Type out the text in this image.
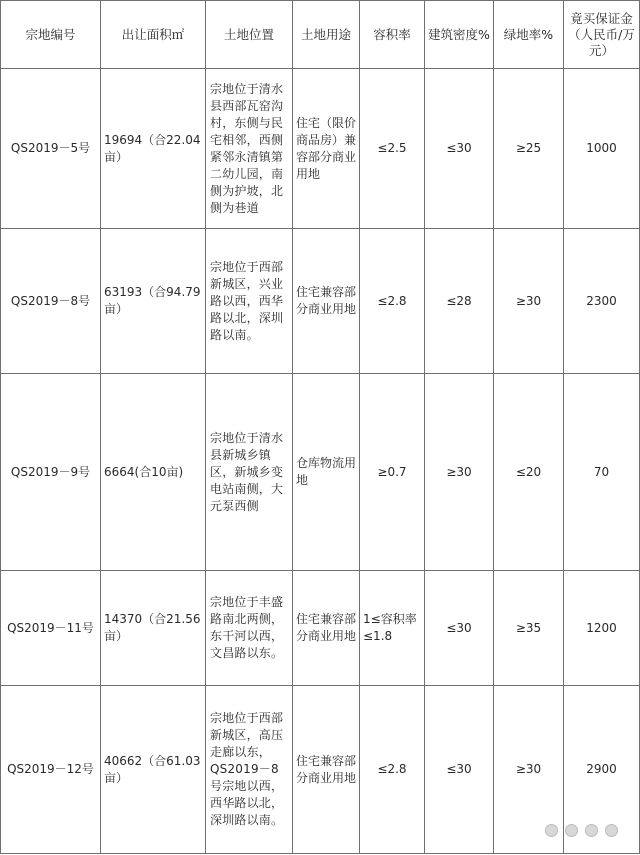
宗地编号	出让面积㎡	土地位置	土地用途	容积率	建筑密度%	绿地率%	竟买保证金（人民币/万元）
QS2019－5号	19694（合22.04亩）	宗地位于清水县西部瓦窑沟村，东侧与民宅相邻，西侧紧邻永清镇第二幼儿园，南侧为护坡，北侧为巷道	住宅（限价商品房）兼容部分商业用地	≤2.5	≤30	≥25	1000
QS2019－8号	63193（合94.79亩）	宗地位于西部新城区，兴业路以西，西华路以北，深圳路以南。	住宅兼容部分商业用地	≤2.8	≤28	≥30	2300
QS2019－9号	6664(合10亩)	宗地位于清水县新城乡镇区，新城乡变电站南侧，大元泵西侧	仓库物流用地	≥0.7	≥30	≤20	70
QS2019－11号	14370（合21.56亩）	宗地位于丰盛路南北两侧，东干河以西，文昌路以东。	住宅兼容部分商业用地	1≤容积率≤1.8	≤30	≥35	1200
QS2019－12号	40662（合61.03亩）	宗地位于西部新城区，高压走廊以东，QS2019－8号宗地以西，西华路以北，深圳路以南。	住宅兼容部分商业用地	≤2.8	≤30	≥30	2900
